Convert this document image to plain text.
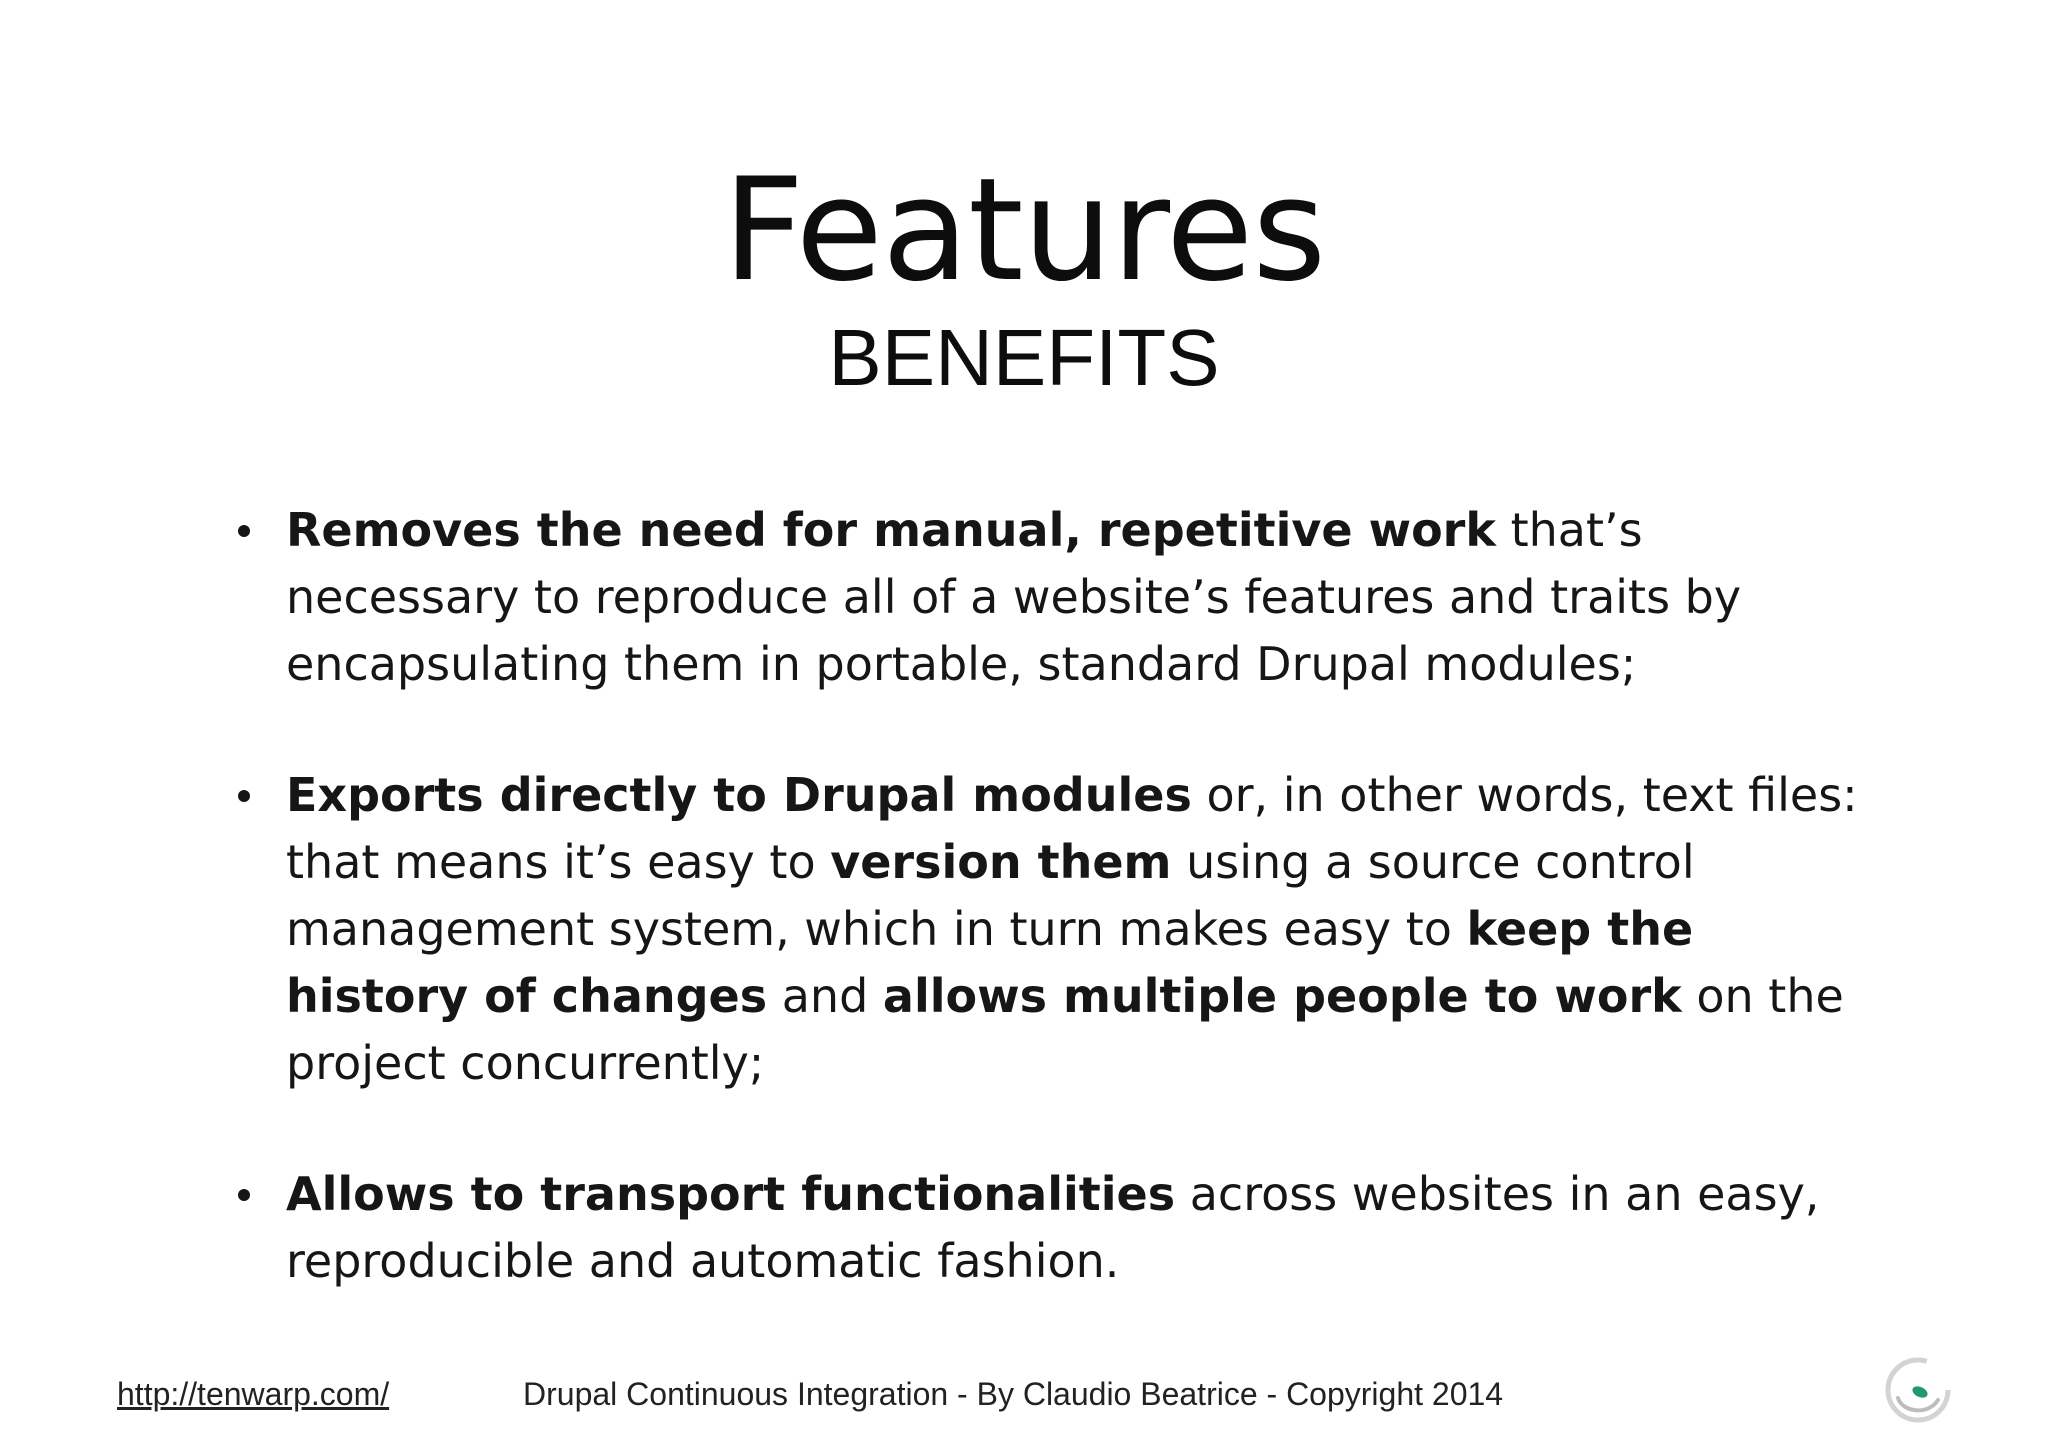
Features
BENEFITS
Removes the need for manual, repetitive work that’s necessary to reproduce all of a website’s features and traits by encapsulating them in portable, standard Drupal modules;
Exports directly to Drupal modules or, in other words, text files: that means it’s easy to version them using a source control management system, which in turn makes easy to keep the history of changes and allows multiple people to work on the project concurrently;
Allows to transport functionalities across websites in an easy, reproducible and automatic fashion.
http://tenwarp.com/	Drupal Continuous Integration - By Claudio Beatrice - Copyright 2014
